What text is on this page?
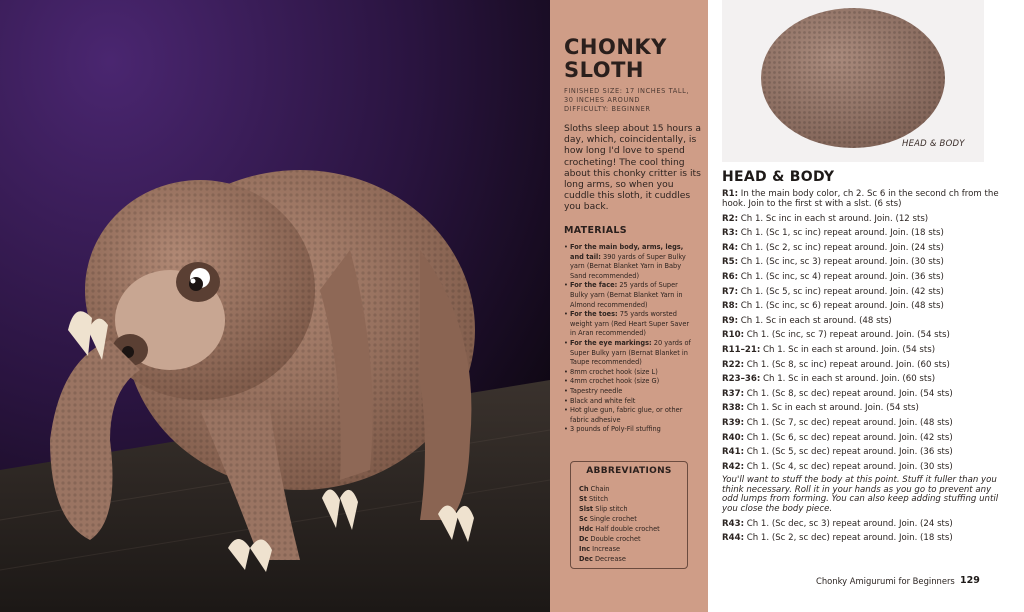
CHONKY
SLOTH
FINISHED SIZE: 17 INCHES TALL,
30 INCHES AROUND
DIFFICULTY: BEGINNER
Sloths sleep about 15 hours a day, which, coincidentally, is how long I'd love to spend crocheting! The cool thing about this chonky critter is its long arms, so when you cuddle this sloth, it cuddles you back.
MATERIALS
• For the main body, arms, legs, and tail: 390 yards of Super Bulky yarn (Bernat Blanket Yarn in Baby Sand recommended)
• For the face: 25 yards of Super Bulky yarn (Bernat Blanket Yarn in Almond recommended)
• For the toes: 75 yards worsted weight yarn (Red Heart Super Saver in Aran recommended)
• For the eye markings: 20 yards of Super Bulky yarn (Bernat Blanket in Taupe recommended)
• 8mm crochet hook (size L)
• 4mm crochet hook (size G)
• Tapestry needle
• Black and white felt
• Hot glue gun, fabric glue, or other fabric adhesive
• 3 pounds of Poly-Fil stuffing
ABBREVIATIONS
Ch Chain
St Stitch
Slst Slip stitch
Sc Single crochet
Hdc Half double crochet
Dc Double crochet
Inc Increase
Dec Decrease
HEAD & BODY
HEAD & BODY
R1: In the main body color, ch 2. Sc 6 in the second ch from the hook. Join to the first st with a slst. (6 sts)
R2: Ch 1. Sc inc in each st around. Join. (12 sts)
R3: Ch 1. (Sc 1, sc inc) repeat around. Join. (18 sts)
R4: Ch 1. (Sc 2, sc inc) repeat around. Join. (24 sts)
R5: Ch 1. (Sc inc, sc 3) repeat around. Join. (30 sts)
R6: Ch 1. (Sc inc, sc 4) repeat around. Join. (36 sts)
R7: Ch 1. (Sc 5, sc inc) repeat around. Join. (42 sts)
R8: Ch 1. (Sc inc, sc 6) repeat around. Join. (48 sts)
R9: Ch 1. Sc in each st around. (48 sts)
R10: Ch 1. (Sc inc, sc 7) repeat around. Join. (54 sts)
R11–21: Ch 1. Sc in each st around. Join. (54 sts)
R22: Ch 1. (Sc 8, sc inc) repeat around. Join. (60 sts)
R23–36: Ch 1. Sc in each st around. Join. (60 sts)
R37: Ch 1. (Sc 8, sc dec) repeat around. Join. (54 sts)
R38: Ch 1. Sc in each st around. Join. (54 sts)
R39: Ch 1. (Sc 7, sc dec) repeat around. Join. (48 sts)
R40: Ch 1. (Sc 6, sc dec) repeat around. Join. (42 sts)
R41: Ch 1. (Sc 5, sc dec) repeat around. Join. (36 sts)
R42: Ch 1. (Sc 4, sc dec) repeat around. Join. (30 sts)
You'll want to stuff the body at this point. Stuff it fuller than you think necessary. Roll it in your hands as you go to prevent any odd lumps from forming. You can also keep adding stuffing until you close the body piece.
R43: Ch 1. (Sc dec, sc 3) repeat around. Join. (24 sts)
R44: Ch 1. (Sc 2, sc dec) repeat around. Join. (18 sts)
Chonky Amigurumi for Beginners 129
